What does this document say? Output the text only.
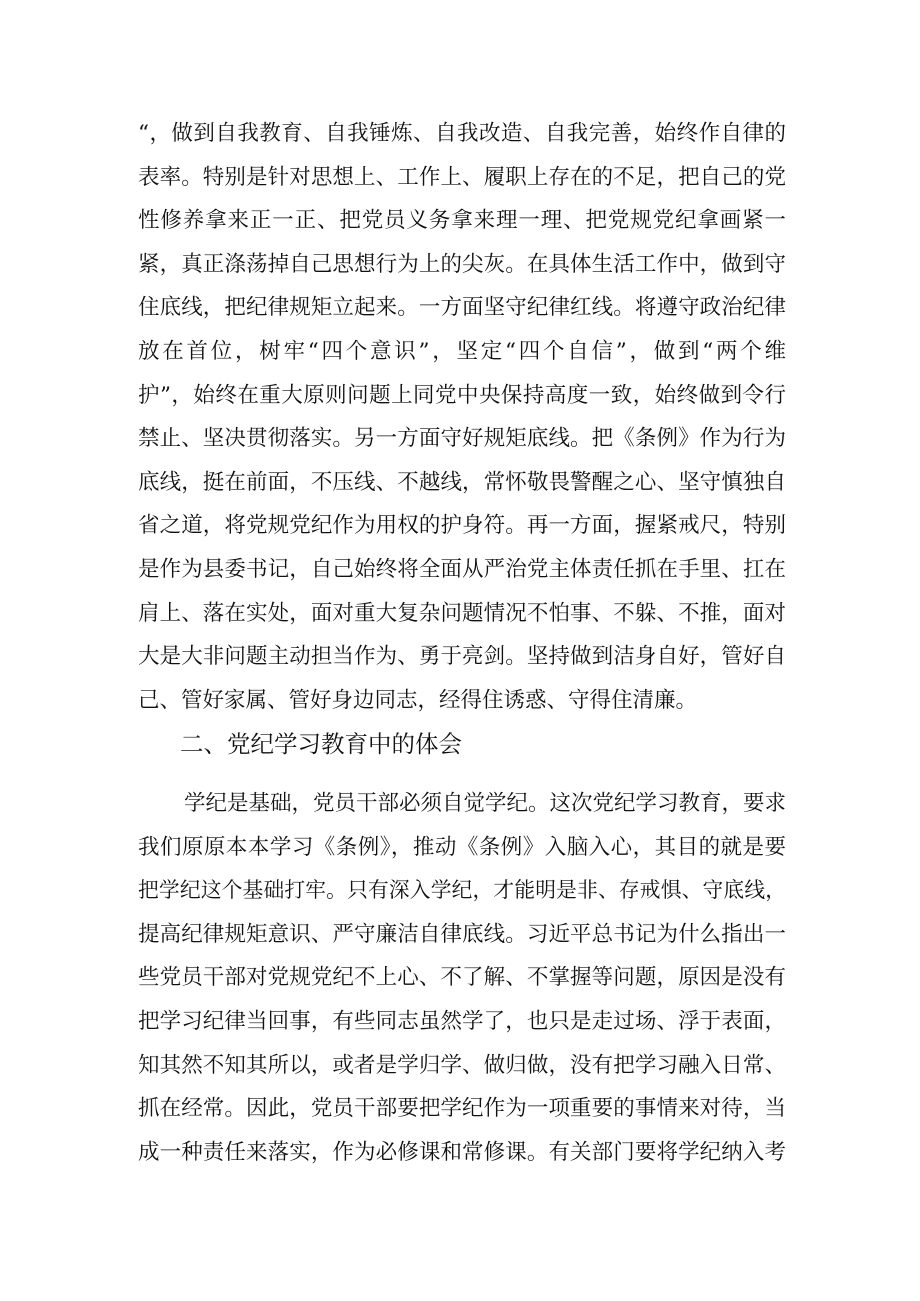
“，做到自我教育、自我锤炼、自我改造、自我完善，始终作自律的
表率。特别是针对思想上、工作上、履职上存在的不足，把自己的党
性修养拿来正一正、把党员义务拿来理一理、把党规党纪拿画紧一
紧，真正涤荡掉自己思想行为上的尖灰。在具体生活工作中，做到守
住底线，把纪律规矩立起来。一方面坚守纪律红线。将遵守政治纪律
放在首位，树牢“四个意识”，坚定“四个自信”，做到“两个维
护”，始终在重大原则问题上同党中央保持高度一致，始终做到令行
禁止、坚决贯彻落实。另一方面守好规矩底线。把《条例》作为行为
底线，挺在前面，不压线、不越线，常怀敬畏警醒之心、坚守慎独自
省之道，将党规党纪作为用权的护身符。再一方面，握紧戒尺，特别
是作为县委书记，自己始终将全面从严治党主体责任抓在手里、扛在
肩上、落在实处，面对重大复杂问题情况不怕事、不躲、不推，面对
大是大非问题主动担当作为、勇于亮剑。坚持做到洁身自好，管好自
己、管好家属、管好身边同志，经得住诱惑、守得住清廉。
二、党纪学习教育中的体会
学纪是基础，党员干部必须自觉学纪。这次党纪学习教育，要求
我们原原本本学习《条例》，推动《条例》入脑入心，其目的就是要
把学纪这个基础打牢。只有深入学纪，才能明是非、存戒惧、守底线，
提高纪律规矩意识、严守廉洁自律底线。习近平总书记为什么指出一
些党员干部对党规党纪不上心、不了解、不掌握等问题，原因是没有
把学习纪律当回事，有些同志虽然学了，也只是走过场、浮于表面，
知其然不知其所以，或者是学归学、做归做，没有把学习融入日常、
抓在经常。因此，党员干部要把学纪作为一项重要的事情来对待，当
成一种责任来落实，作为必修课和常修课。有关部门要将学纪纳入考
